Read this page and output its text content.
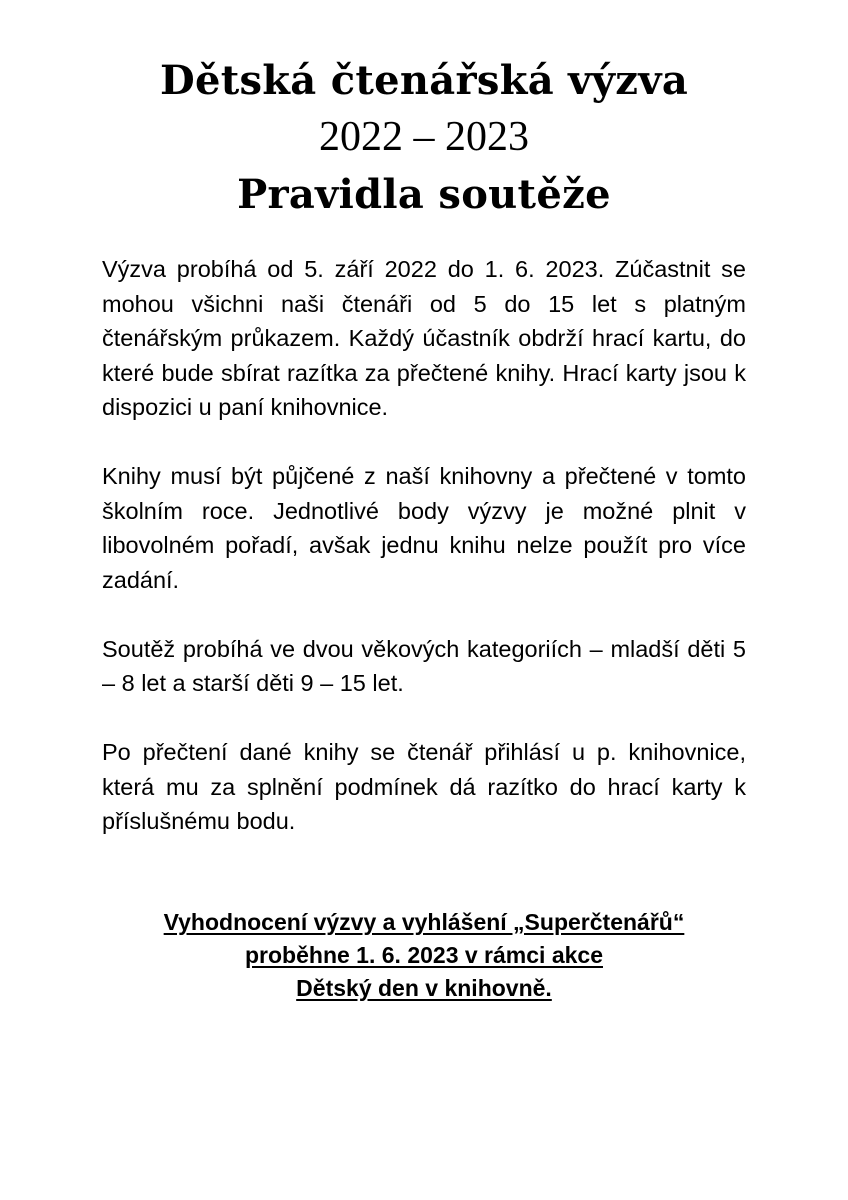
Dětská čtenářská výzva
2022 – 2023
Pravidla soutěže

Výzva probíhá od 5. září 2022 do 1. 6. 2023. Zúčastnit se mohou všichni naši čtenáři od 5 do 15 let s platným čtenářským průkazem. Každý účastník obdrží hrací kartu, do které bude sbírat razítka za přečtené knihy. Hrací karty jsou k dispozici u paní knihovnice.

Knihy musí být půjčené z naší knihovny a přečtené v tomto školním roce. Jednotlivé body výzvy je možné plnit v libovolném pořadí, avšak jednu knihu nelze použít pro více zadání.

Soutěž probíhá ve dvou věkových kategoriích – mladší děti 5 – 8 let a starší děti 9 – 15 let.

Po přečtení dané knihy se čtenář přihlásí u p. knihovnice, která mu za splnění podmínek dá razítko do hrací karty k příslušnému bodu.

Vyhodnocení výzvy a vyhlášení „Superčtenářů“
proběhne 1. 6. 2023 v rámci akce
Dětský den v knihovně.
